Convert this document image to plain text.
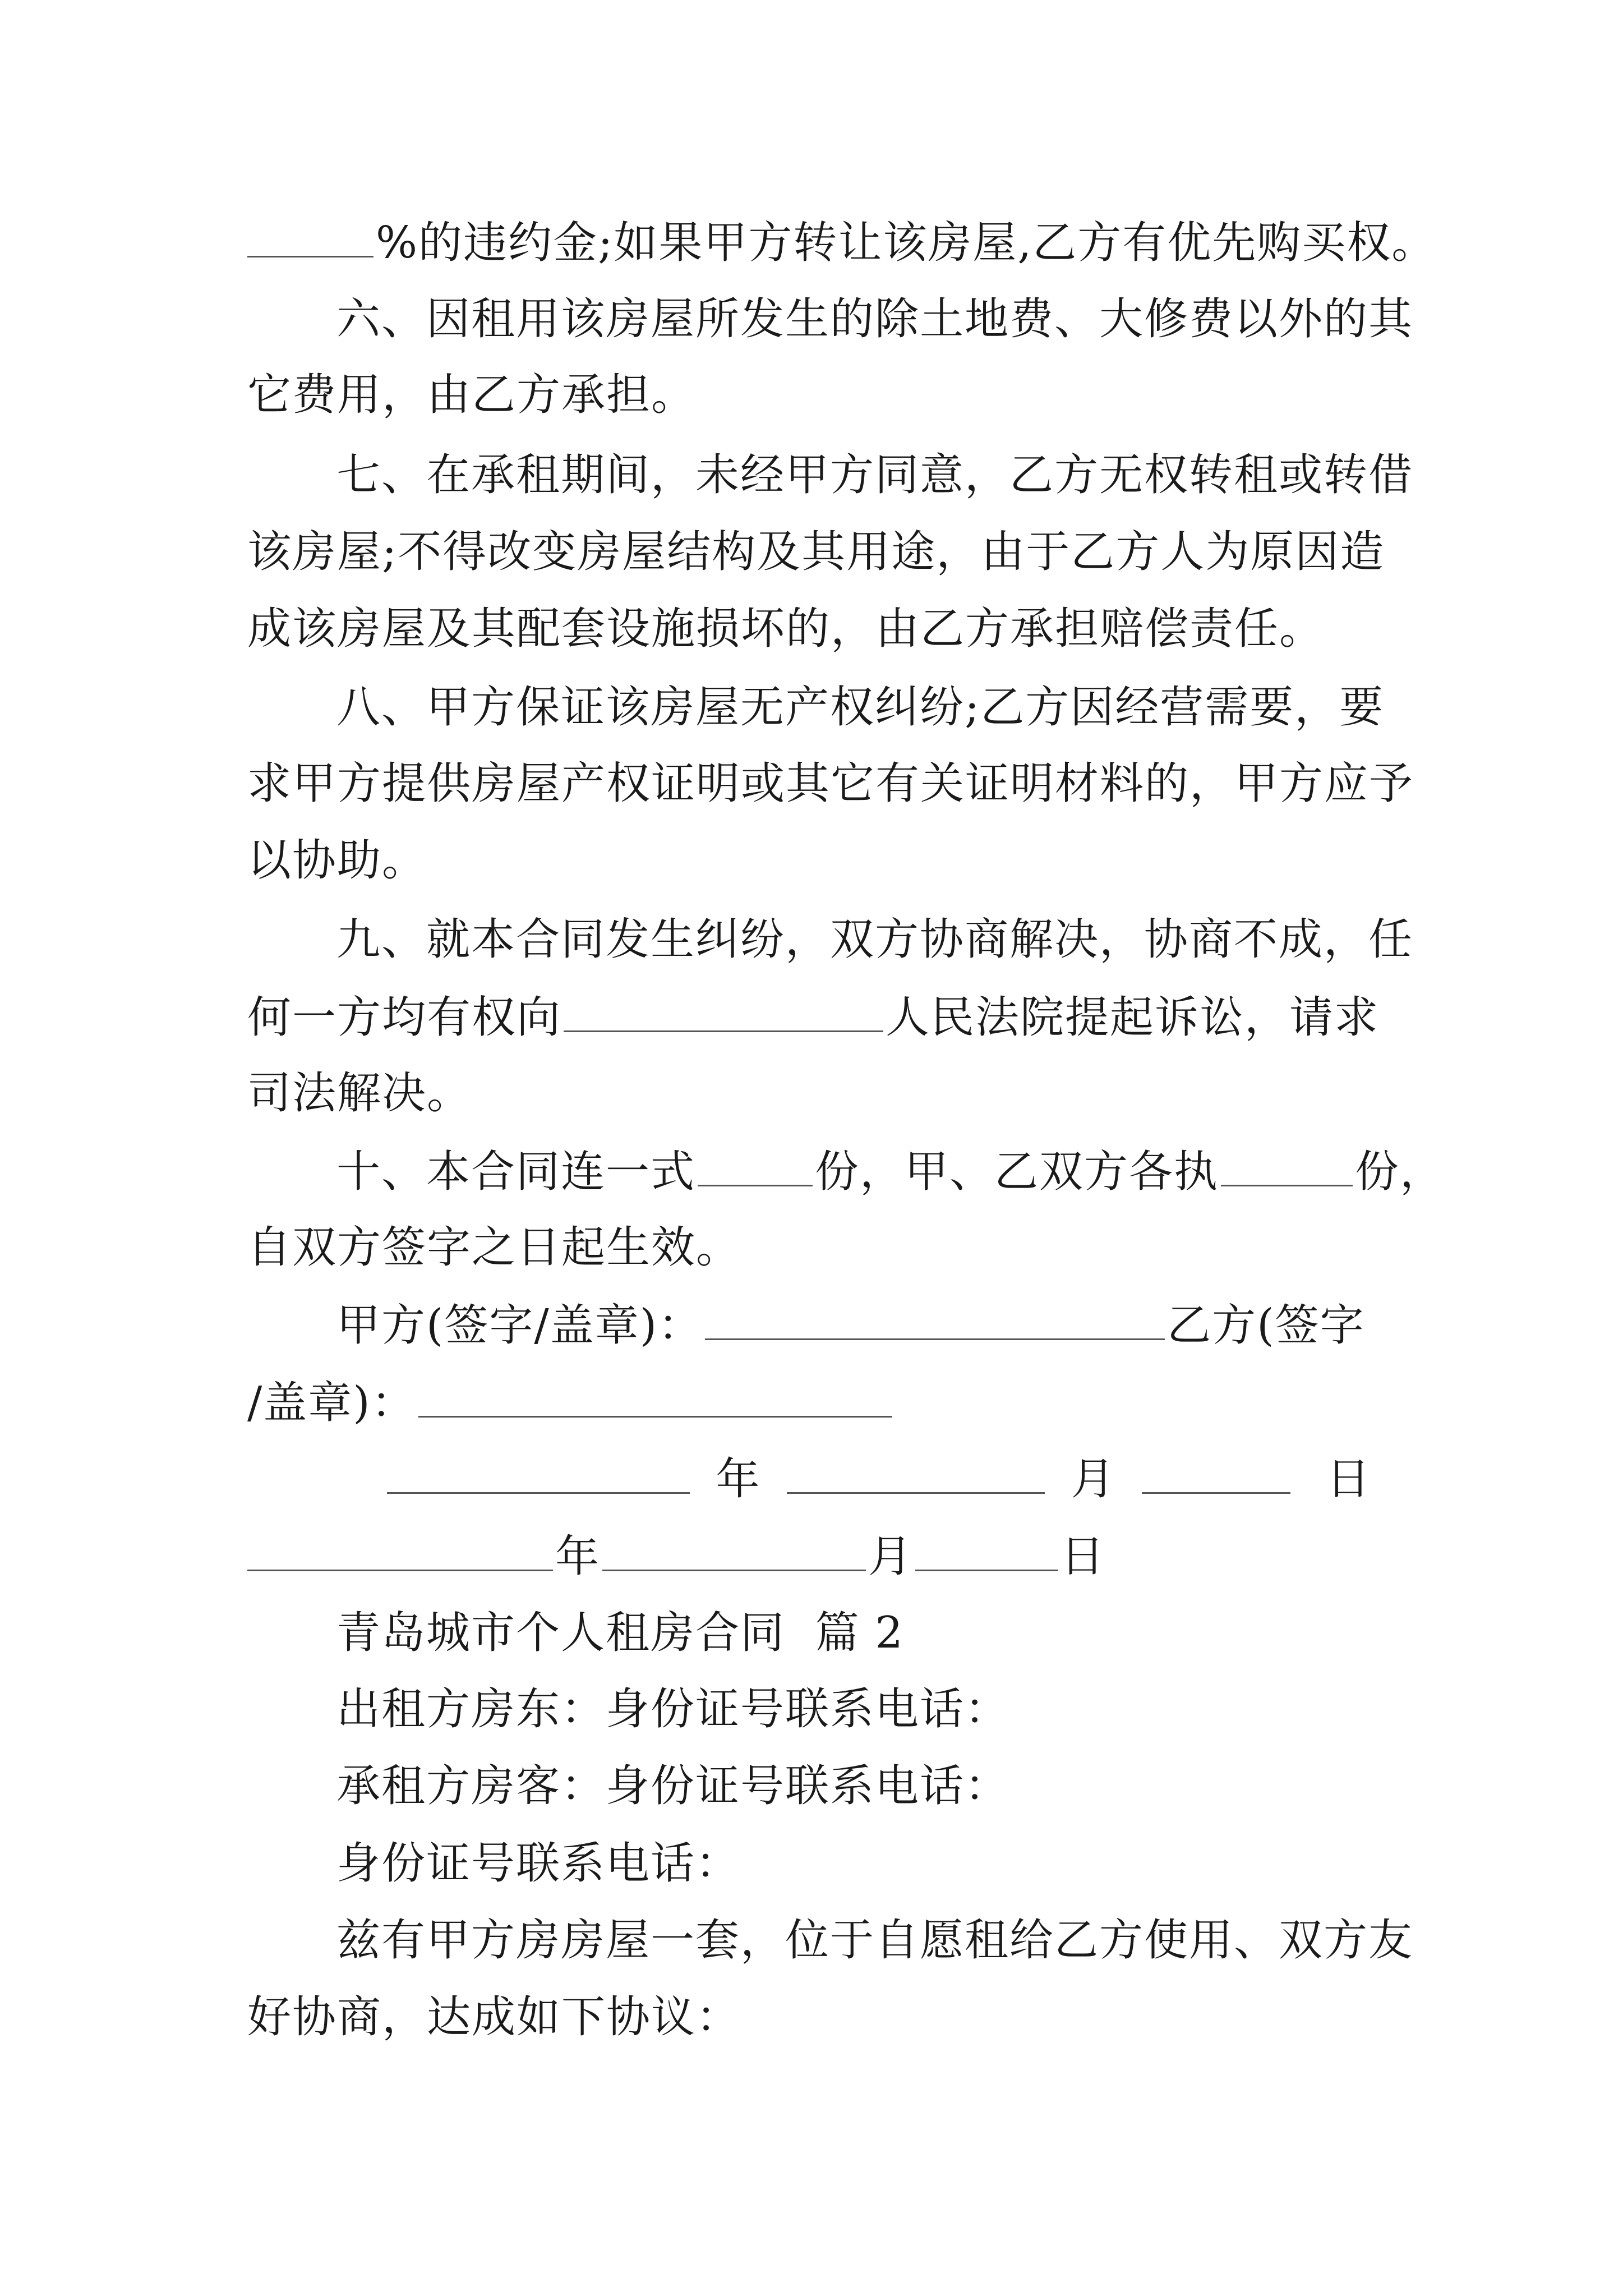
%的违约金;如果甲方转让该房屋,乙方有优先购买权。
六、因租用该房屋所发生的除土地费、大修费以外的其
它费用，由乙方承担。
七、在承租期间，未经甲方同意，乙方无权转租或转借
该房屋;不得改变房屋结构及其用途，由于乙方人为原因造
成该房屋及其配套设施损坏的，由乙方承担赔偿责任。
八、甲方保证该房屋无产权纠纷;乙方因经营需要，要
求甲方提供房屋产权证明或其它有关证明材料的，甲方应予
以协助。
九、就本合同发生纠纷，双方协商解决，协商不成，任
何一方均有权向	人民法院提起诉讼，请求
司法解决。
十、本合同连一式	份，甲、乙双方各执	份，
自双方签字之日起生效。
甲方(签字/盖章)：	乙方(签字
/盖章)：
年	月	日
年	月	日
青岛城市个人租房合同  篇 2
出租方房东：身份证号联系电话：
承租方房客：身份证号联系电话：
身份证号联系电话：
兹有甲方房房屋一套，位于自愿租给乙方使用、双方友
好协商，达成如下协议：
